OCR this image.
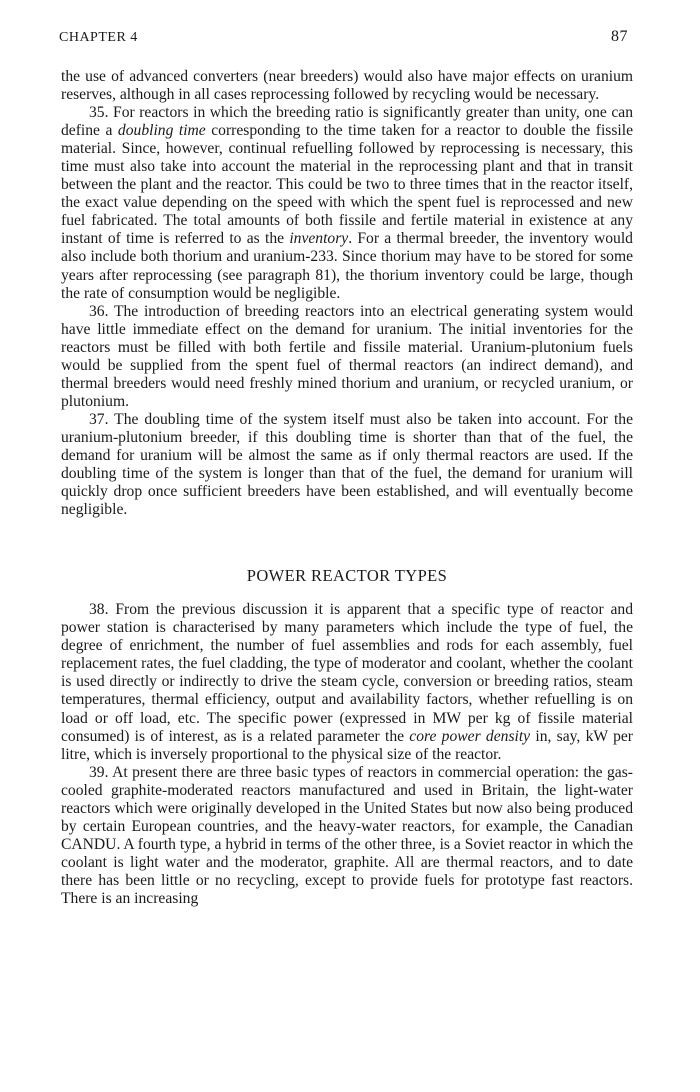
CHAPTER 4	87

the use of advanced converters (near breeders) would also have major effects on uranium reserves, although in all cases reprocessing followed by recycling would be necessary.

35. For reactors in which the breeding ratio is significantly greater than unity, one can define a doubling time corresponding to the time taken for a reactor to double the fissile material. Since, however, continual refuelling followed by reprocessing is necessary, this time must also take into account the material in the reprocessing plant and that in transit between the plant and the reactor. This could be two to three times that in the reactor itself, the exact value depending on the speed with which the spent fuel is reprocessed and new fuel fabricated. The total amounts of both fissile and fertile material in existence at any instant of time is referred to as the inventory. For a thermal breeder, the inventory would also include both thorium and uranium-233. Since thorium may have to be stored for some years after reprocessing (see paragraph 81), the thorium inventory could be large, though the rate of consumption would be negligible.

36. The introduction of breeding reactors into an electrical generating system would have little immediate effect on the demand for uranium. The initial inventories for the reactors must be filled with both fertile and fissile material. Uranium-plutonium fuels would be supplied from the spent fuel of thermal reactors (an indirect demand), and thermal breeders would need freshly mined thorium and uranium, or recycled uranium, or plutonium.

37. The doubling time of the system itself must also be taken into account. For the uranium-plutonium breeder, if this doubling time is shorter than that of the fuel, the demand for uranium will be almost the same as if only thermal reactors are used. If the doubling time of the system is longer than that of the fuel, the demand for uranium will quickly drop once sufficient breeders have been established, and will eventually become negligible.

POWER REACTOR TYPES

38. From the previous discussion it is apparent that a specific type of reactor and power station is characterised by many parameters which include the type of fuel, the degree of enrichment, the number of fuel assemblies and rods for each assembly, fuel replacement rates, the fuel cladding, the type of moderator and coolant, whether the coolant is used directly or indirectly to drive the steam cycle, conversion or breeding ratios, steam temperatures, thermal efficiency, output and availability factors, whether refuelling is on load or off load, etc. The specific power (expressed in MW per kg of fissile material consumed) is of interest, as is a related parameter the core power density in, say, kW per litre, which is inversely proportional to the physical size of the reactor.

39. At present there are three basic types of reactors in commercial operation: the gas-cooled graphite-moderated reactors manufactured and used in Britain, the light-water reactors which were originally developed in the United States but now also being produced by certain European countries, and the heavy-water reactors, for example, the Canadian CANDU. A fourth type, a hybrid in terms of the other three, is a Soviet reactor in which the coolant is light water and the moderator, graphite. All are thermal reactors, and to date there has been little or no recycling, except to provide fuels for prototype fast reactors. There is an increasing
